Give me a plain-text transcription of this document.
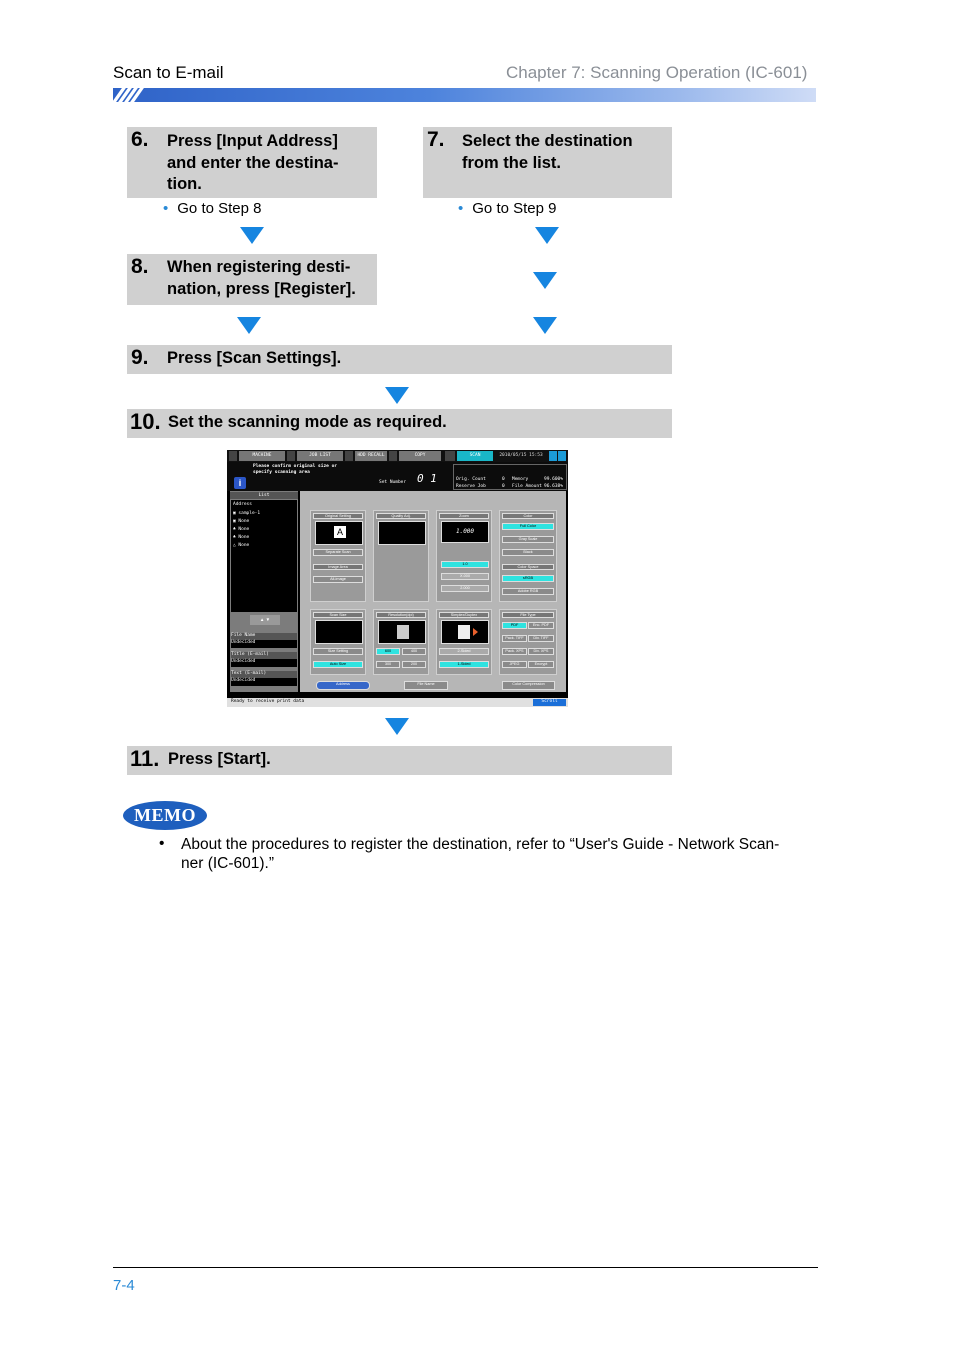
Scan to E-mail	Chapter 7: Scanning Operation (IC-601)
6. Press [Input Address]
and enter the destina-
tion.
• Go to Step 8
7. Select the destination
from the list.
• Go to Step 9
8. When registering desti-
nation, press [Register].
9. Press [Scan Settings].
10. Set the scanning mode as required.
MACHINE	JOB LIST	HDD RECALL	COPY	SCAN	2010/05/15 15:53
i
Please confirm original size or
specify scanning area
Set Number 0 1	Orig. Count	0
Reserve Job	0
Memory	99.600%
File Amount 96.638%
List
Address
▣ sample-1
▣ None
♣ None
♣ None
△ None
▲ ▼
File Name
Undecided
Title (E-mail)
Undecided
Text (E-mail)
Undecided
Original Setting
A
Separate Scan
Image Area
All-image
Quality Adj.	Zoom
1.000
1.0
X.000
2.000
Color
Full Color
Gray Scale
Black
Color Space
sRGB
Adobe RGB
Scan Size
Size Setting
Auto Size
Resolution(dpi)
600	400
300	200
Simplex/Duplex
2-Sided
1-Sided
File Type
PDF	Enc. PDF
Pack. TIFF	Div. TIFF
Pack. XPS	Div. XPS
JPEG	Encrypt
Address	File Name	Color Compression
Ready to receive print data	Scroll
11. Press [Start].
MEMO
• About the procedures to register the destination, refer to “User's Guide - Network Scan-
ner (IC-601).”
7-4
